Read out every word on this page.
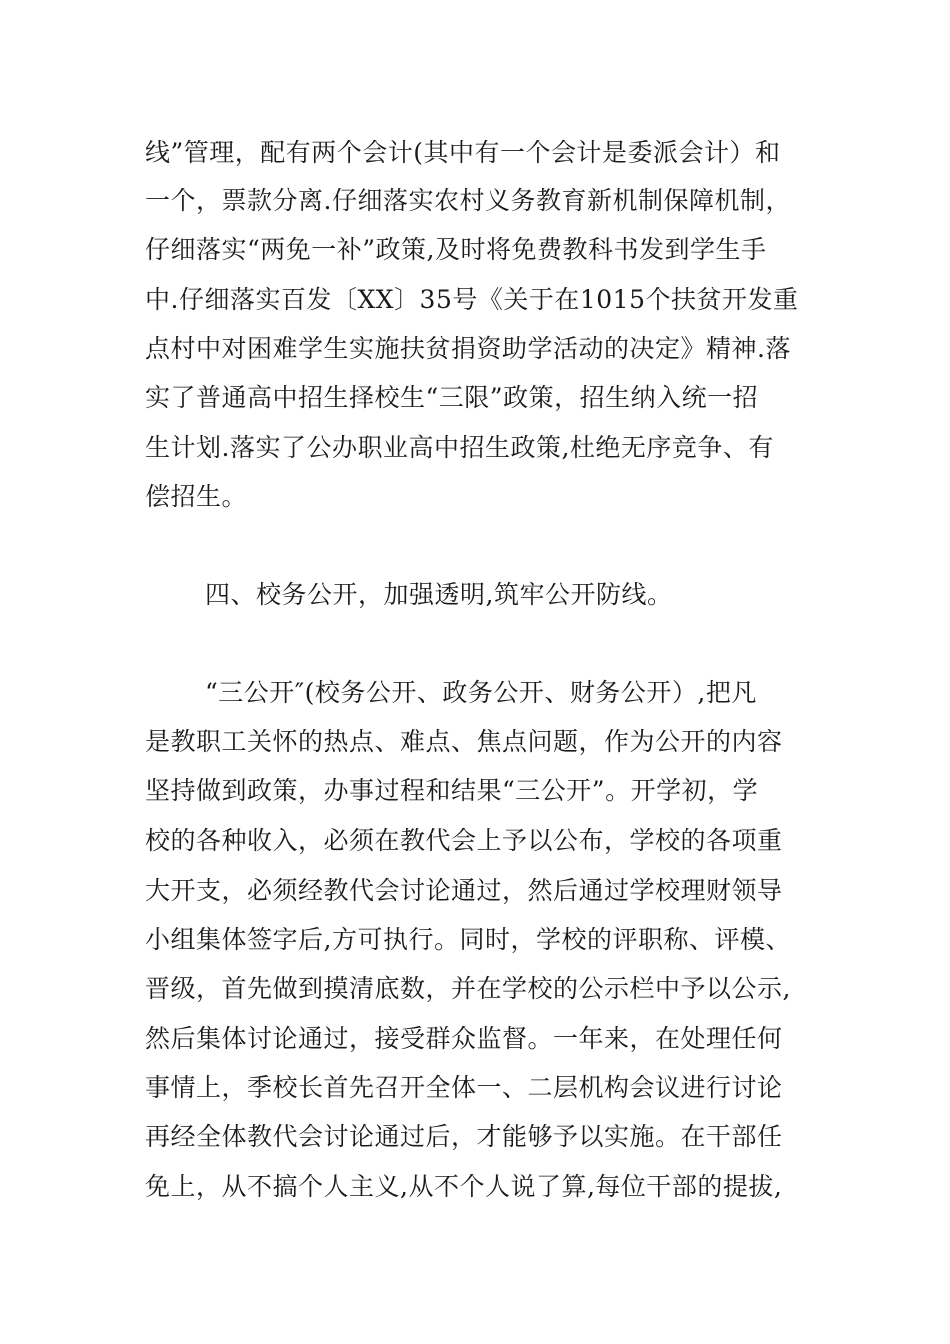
线”管理，配有两个会计(其中有一个会计是委派会计）和
一个，票款分离.仔细落实农村义务教育新机制保障机制，
仔细落实“两免一补”政策,及时将免费教科书发到学生手
中.仔细落实百发〔XX〕35号《关于在1015个扶贫开发重
点村中对困难学生实施扶贫捐资助学活动的决定》精神.落
实了普通高中招生择校生“三限”政策，招生纳入统一招
生计划.落实了公办职业高中招生政策,杜绝无序竞争、有
偿招生。
四、校务公开，加强透明,筑牢公开防线。
“三公开″(校务公开、政务公开、财务公开）,把凡
是教职工关怀的热点、难点、焦点问题，作为公开的内容
坚持做到政策，办事过程和结果“三公开”。开学初，学
校的各种收入，必须在教代会上予以公布，学校的各项重
大开支，必须经教代会讨论通过，然后通过学校理财领导
小组集体签字后,方可执行。同时，学校的评职称、评模、
晋级，首先做到摸清底数，并在学校的公示栏中予以公示,
然后集体讨论通过，接受群众监督。一年来，在处理任何
事情上，季校长首先召开全体一、二层机构会议进行讨论
再经全体教代会讨论通过后，才能够予以实施。在干部任
免上，从不搞个人主义,从不个人说了算,每位干部的提拔,
